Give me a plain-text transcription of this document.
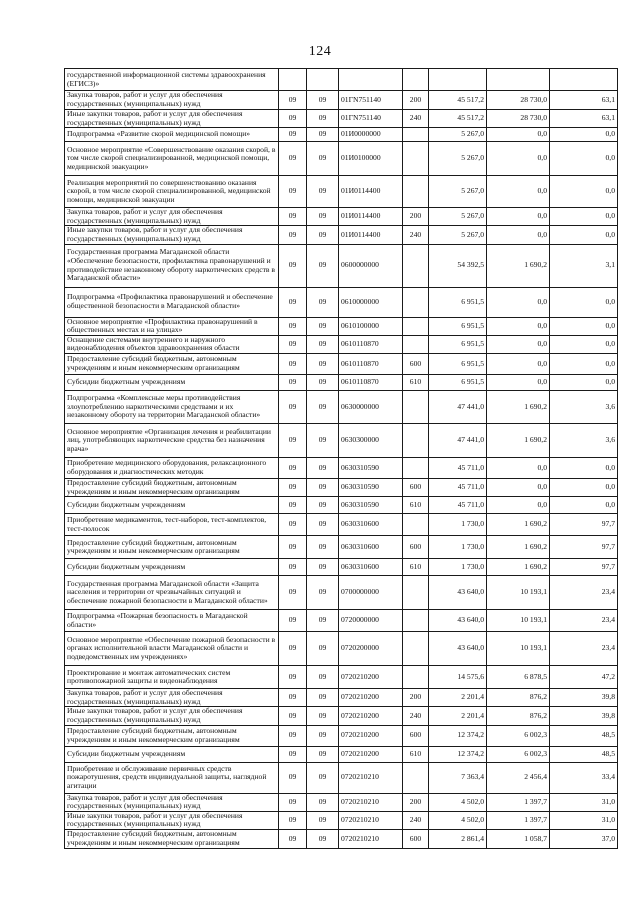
124
государственной информационной системы здравоохранения (ЕГИСЗ)»							
Закупка товаров, работ и услуг для обеспечения государственных (муниципальных) нужд	09	09	01ГN751140	200	45 517,2	28 730,0	63,1
Иные закупки товаров, работ и услуг для обеспечения государственных (муниципальных) нужд	09	09	01ГN751140	240	45 517,2	28 730,0	63,1
Подпрограмма «Развитие скорой медицинской помощи»	09	09	01И0000000		5 267,0	0,0	0,0
Основное мероприятие «Совершенствование оказания скорой, в том числе скорой специализированной, медицинской помощи, медицинской эвакуации»	09	09	01И0100000		5 267,0	0,0	0,0
Реализация мероприятий по совершенствованию оказания скорой, в том числе скорой специализированной, медицинской помощи, медицинской эвакуации	09	09	01И0114400		5 267,0	0,0	0,0
Закупка товаров, работ и услуг для обеспечения государственных (муниципальных) нужд	09	09	01И0114400	200	5 267,0	0,0	0,0
Иные закупки товаров, работ и услуг для обеспечения государственных (муниципальных) нужд	09	09	01И0114400	240	5 267,0	0,0	0,0
Государственная программа Магаданской области «Обеспечение безопасности, профилактика правонарушений и противодействие незаконному обороту наркотических средств в Магаданской области»	09	09	0600000000		54 392,5	1 690,2	3,1
Подпрограмма «Профилактика правонарушений и обеспечение общественной безопасности в Магаданской области»	09	09	0610000000		6 951,5	0,0	0,0
Основное мероприятие «Профилактика правонарушений в общественных местах и на улицах»	09	09	0610100000		6 951,5	0,0	0,0
Оснащение системами внутреннего и наружного видеонаблюдения объектов здравоохранения области	09	09	0610110870		6 951,5	0,0	0,0
Предоставление субсидий бюджетным, автономным учреждениям и иным некоммерческим организациям	09	09	0610110870	600	6 951,5	0,0	0,0
Субсидии бюджетным учреждениям	09	09	0610110870	610	6 951,5	0,0	0,0
Подпрограмма «Комплексные меры противодействия злоупотреблению наркотическими средствами и их незаконному обороту на территории Магаданской области»	09	09	0630000000		47 441,0	1 690,2	3,6
Основное мероприятие «Организация лечения и реабилитации лиц, употребляющих наркотические средства без назначения врача»	09	09	0630300000		47 441,0	1 690,2	3,6
Приобретение медицинского оборудования, релаксационного оборудования и диагностических методик	09	09	0630310590		45 711,0	0,0	0,0
Предоставление субсидий бюджетным, автономным учреждениям и иным некоммерческим организациям	09	09	0630310590	600	45 711,0	0,0	0,0
Субсидии бюджетным учреждениям	09	09	0630310590	610	45 711,0	0,0	0,0
Приобретение медикаментов, тест-наборов, тест-комплектов, тест-полосок	09	09	0630310600		1 730,0	1 690,2	97,7
Предоставление субсидий бюджетным, автономным учреждениям и иным некоммерческим организациям	09	09	0630310600	600	1 730,0	1 690,2	97,7
Субсидии бюджетным учреждениям	09	09	0630310600	610	1 730,0	1 690,2	97,7
Государственная программа Магаданской области «Защита населения и территории от чрезвычайных ситуаций и обеспечение пожарной безопасности в Магаданской области»	09	09	0700000000		43 640,0	10 193,1	23,4
Подпрограмма «Пожарная безопасность в Магаданской области»	09	09	0720000000		43 640,0	10 193,1	23,4
Основное мероприятие «Обеспечение пожарной безопасности в органах исполнительной власти Магаданской области и подведомственных им учреждениях»	09	09	0720200000		43 640,0	10 193,1	23,4
Проектирование и монтаж автоматических систем противопожарной защиты и видеонаблюдения	09	09	0720210200		14 575,6	6 878,5	47,2
Закупка товаров, работ и услуг для обеспечения государственных (муниципальных) нужд	09	09	0720210200	200	2 201,4	876,2	39,8
Иные закупки товаров, работ и услуг для обеспечения государственных (муниципальных) нужд	09	09	0720210200	240	2 201,4	876,2	39,8
Предоставление субсидий бюджетным, автономным учреждениям и иным некоммерческим организациям	09	09	0720210200	600	12 374,2	6 002,3	48,5
Субсидии бюджетным учреждениям	09	09	0720210200	610	12 374,2	6 002,3	48,5
Приобретение и обслуживание первичных средств пожаротушения, средств индивидуальной защиты, наглядной агитации	09	09	0720210210		7 363,4	2 456,4	33,4
Закупка товаров, работ и услуг для обеспечения государственных (муниципальных) нужд	09	09	0720210210	200	4 502,0	1 397,7	31,0
Иные закупки товаров, работ и услуг для обеспечения государственных (муниципальных) нужд	09	09	0720210210	240	4 502,0	1 397,7	31,0
Предоставление субсидий бюджетным, автономным учреждениям и иным некоммерческим организациям	09	09	0720210210	600	2 861,4	1 058,7	37,0
